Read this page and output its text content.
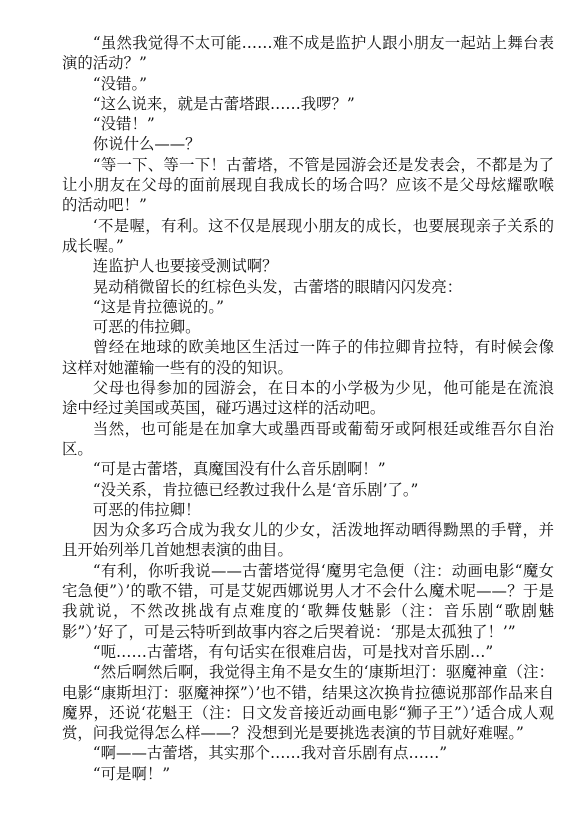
“虽然我觉得不太可能……难不成是监护人跟小朋友一起站上舞台表演的活动？”

“没错。”

“这么说来，就是古蕾塔跟……我啰？”

“没错！”

你说什么——？

“等一下、等一下！古蕾塔，不管是园游会还是发表会，不都是为了让小朋友在父母的面前展现自我成长的场合吗？应该不是父母炫耀歌喉的活动吧！”

‘不是喔，有利。这不仅是展现小朋友的成长，也要展现亲子关系的成长喔。”

连监护人也要接受测试啊？

晃动稍微留长的红棕色头发，古蕾塔的眼睛闪闪发亮：

“这是肯拉德说的。”

可恶的伟拉卿。

曾经在地球的欧美地区生活过一阵子的伟拉卿肯拉特，有时候会像这样对她灌输一些有的没的知识。

父母也得参加的园游会，在日本的小学极为少见，他可能是在流浪途中经过美国或英国，碰巧遇过这样的活动吧。

当然，也可能是在加拿大或墨西哥或葡萄牙或阿根廷或维吾尔自治区。

“可是古蕾塔，真魔国没有什么音乐剧啊！”

“没关系，肯拉德已经教过我什么是‘音乐剧’了。”

可恶的伟拉卿！

因为众多巧合成为我女儿的少女，活泼地挥动晒得黝黑的手臂，并且开始列举几首她想表演的曲目。

“有利，你听我说——古蕾塔觉得‘魔男宅急便（注：动画电影“魔女宅急便”）’的歌不错，可是艾妮西娜说男人才不会什么魔术呢——？于是我就说，不然改挑战有点难度的‘歌舞伎魅影（注：音乐剧“歌剧魅影”）’好了，可是云特听到故事内容之后哭着说：‘那是太孤独了！’”

“呃……古蕾塔，有句话实在很难启齿，可是找对音乐剧…”

“然后啊然后啊，我觉得主角不是女生的‘康斯坦汀：驱魔神童（注：电影“康斯坦汀：驱魔神探”）’也不错，结果这次换肯拉德说那部作品来自魔界，还说‘花魁王（注：日文发音接近动画电影“狮子王”）’适合成人观赏，问我觉得怎么样——？没想到光是要挑选表演的节目就好难喔。”

“啊——古蕾塔，其实那个……我对音乐剧有点……”

“可是啊！”
